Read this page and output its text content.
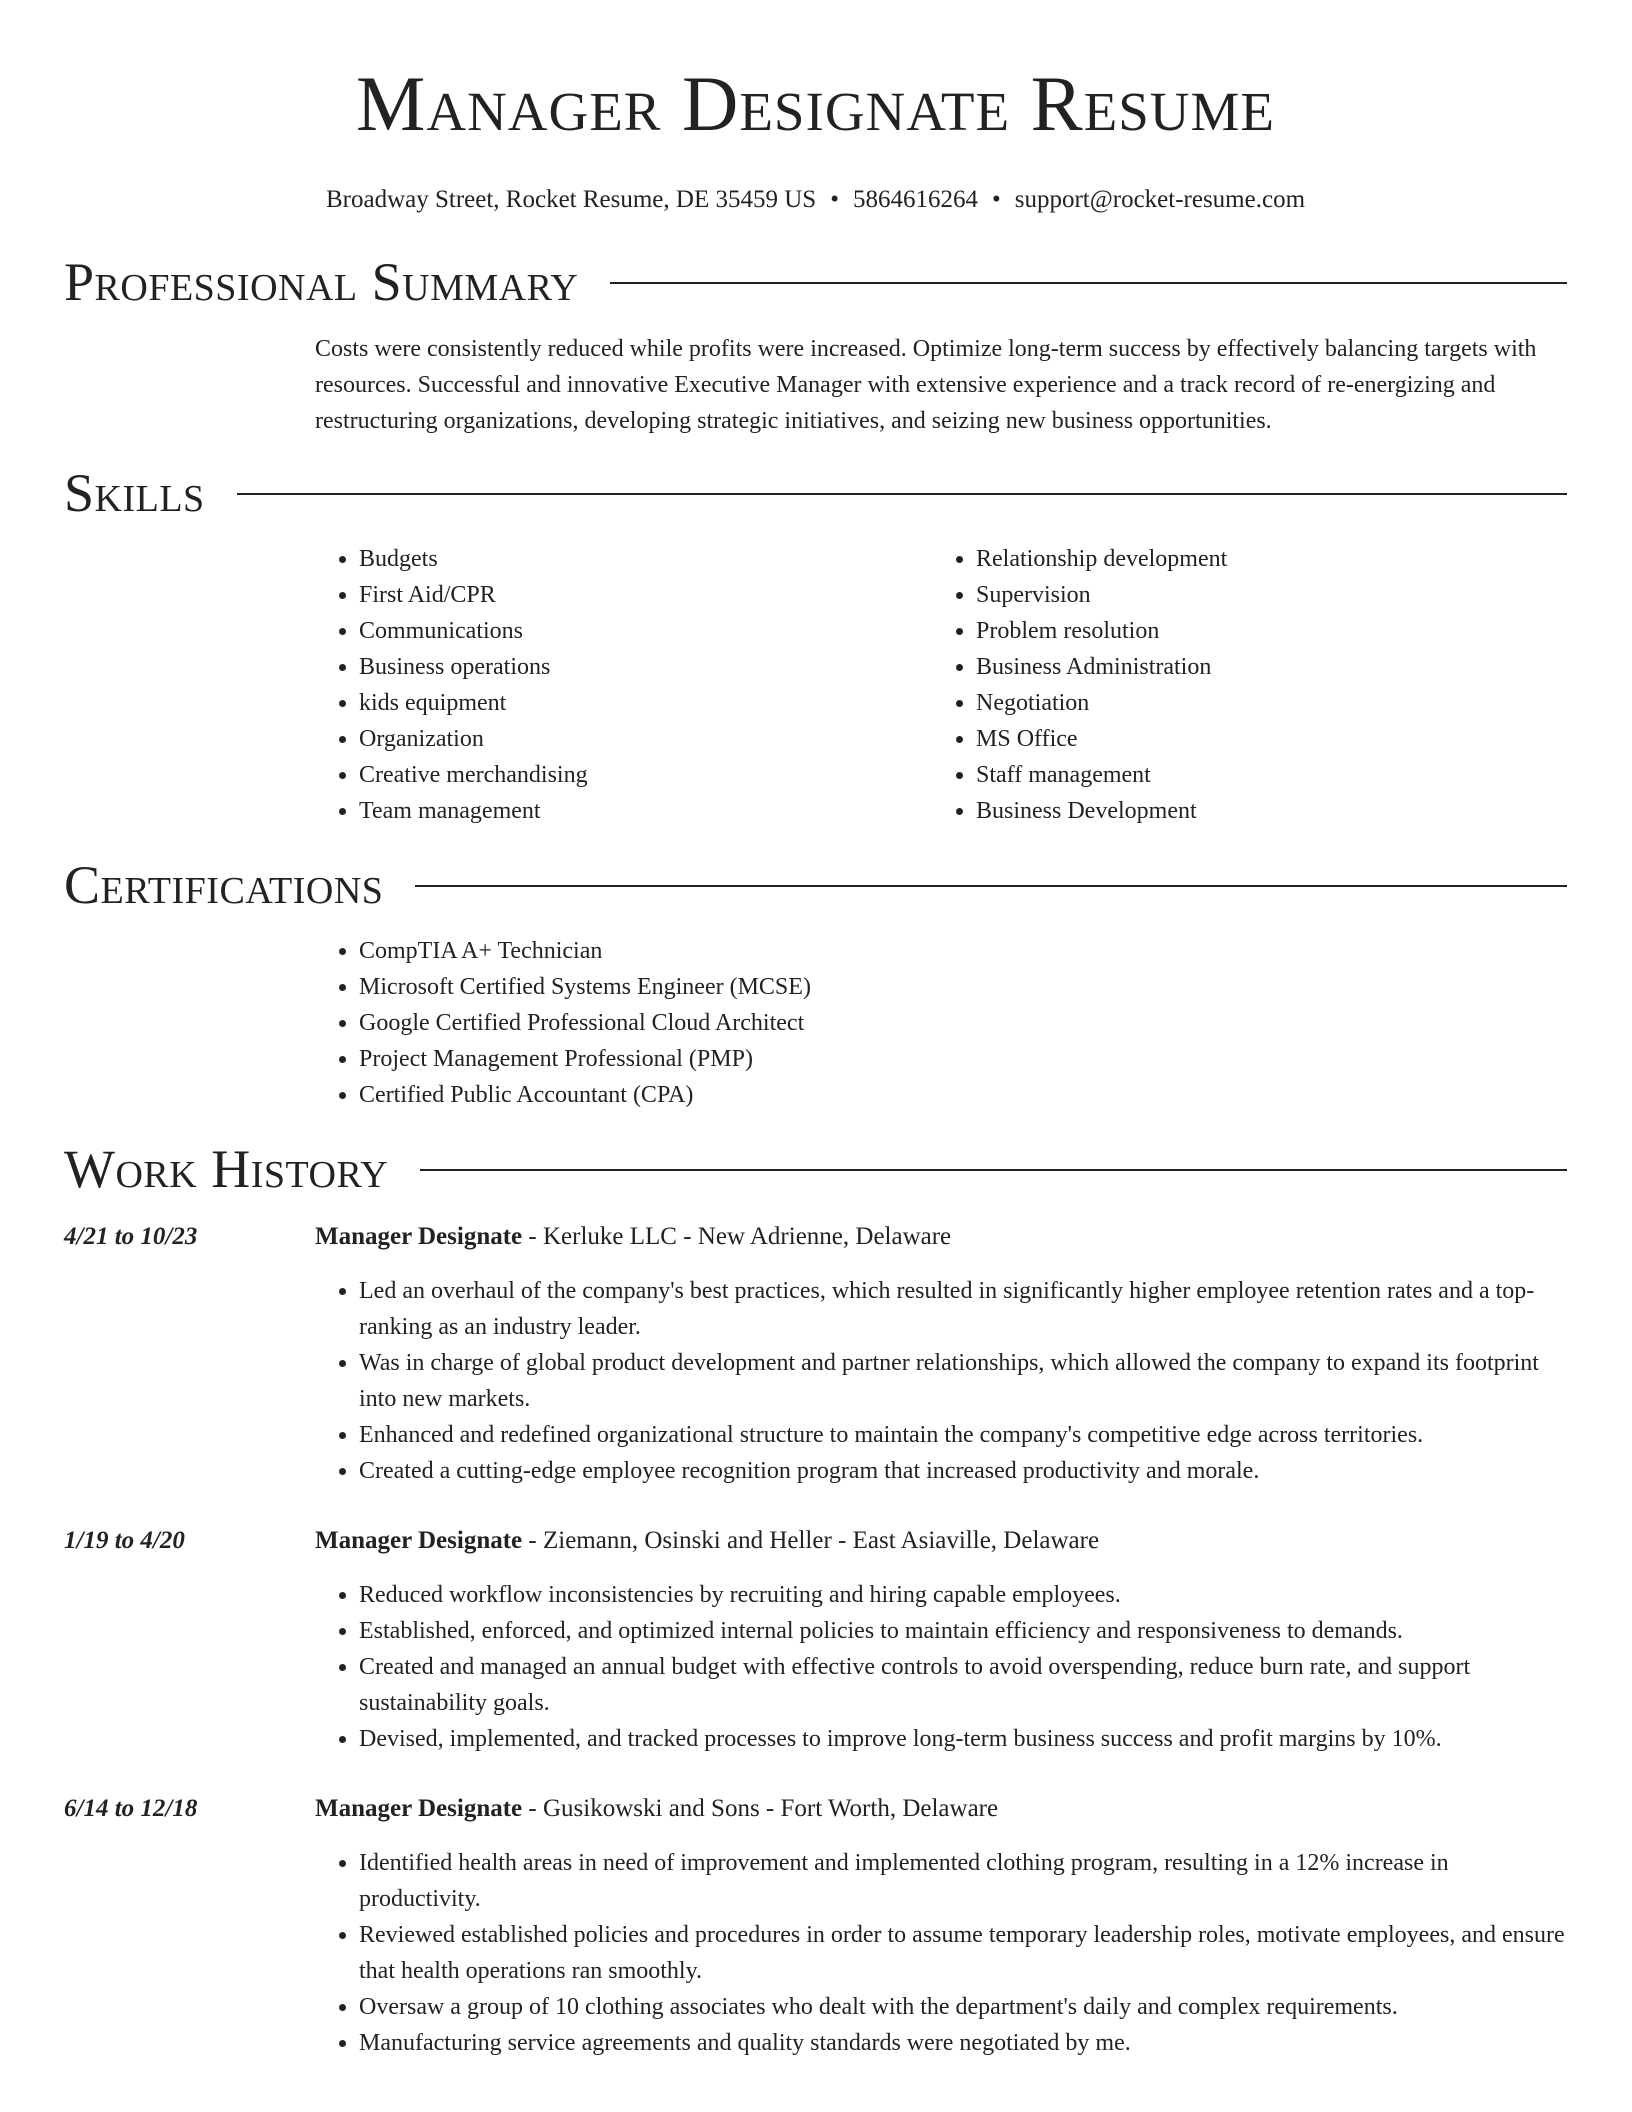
Manager Designate Resume
Broadway Street, Rocket Resume, DE 35459 US • 5864616264 • support@rocket-resume.com
Professional Summary
Costs were consistently reduced while profits were increased. Optimize long-term success by effectively balancing targets with resources. Successful and innovative Executive Manager with extensive experience and a track record of re-energizing and restructuring organizations, developing strategic initiatives, and seizing new business opportunities.
Skills
• Budgets
• First Aid/CPR
• Communications
• Business operations
• kids equipment
• Organization
• Creative merchandising
• Team management
• Relationship development
• Supervision
• Problem resolution
• Business Administration
• Negotiation
• MS Office
• Staff management
• Business Development
Certifications
• CompTIA A+ Technician
• Microsoft Certified Systems Engineer (MCSE)
• Google Certified Professional Cloud Architect
• Project Management Professional (PMP)
• Certified Public Accountant (CPA)
Work History
4/21 to 10/23	Manager Designate - Kerluke LLC - New Adrienne, Delaware
• Led an overhaul of the company's best practices, which resulted in significantly higher employee retention rates and a top-ranking as an industry leader.
• Was in charge of global product development and partner relationships, which allowed the company to expand its footprint into new markets.
• Enhanced and redefined organizational structure to maintain the company's competitive edge across territories.
• Created a cutting-edge employee recognition program that increased productivity and morale.
1/19 to 4/20	Manager Designate - Ziemann, Osinski and Heller - East Asiaville, Delaware
• Reduced workflow inconsistencies by recruiting and hiring capable employees.
• Established, enforced, and optimized internal policies to maintain efficiency and responsiveness to demands.
• Created and managed an annual budget with effective controls to avoid overspending, reduce burn rate, and support sustainability goals.
• Devised, implemented, and tracked processes to improve long-term business success and profit margins by 10%.
6/14 to 12/18	Manager Designate - Gusikowski and Sons - Fort Worth, Delaware
• Identified health areas in need of improvement and implemented clothing program, resulting in a 12% increase in productivity.
• Reviewed established policies and procedures in order to assume temporary leadership roles, motivate employees, and ensure that health operations ran smoothly.
• Oversaw a group of 10 clothing associates who dealt with the department's daily and complex requirements.
• Manufacturing service agreements and quality standards were negotiated by me.
